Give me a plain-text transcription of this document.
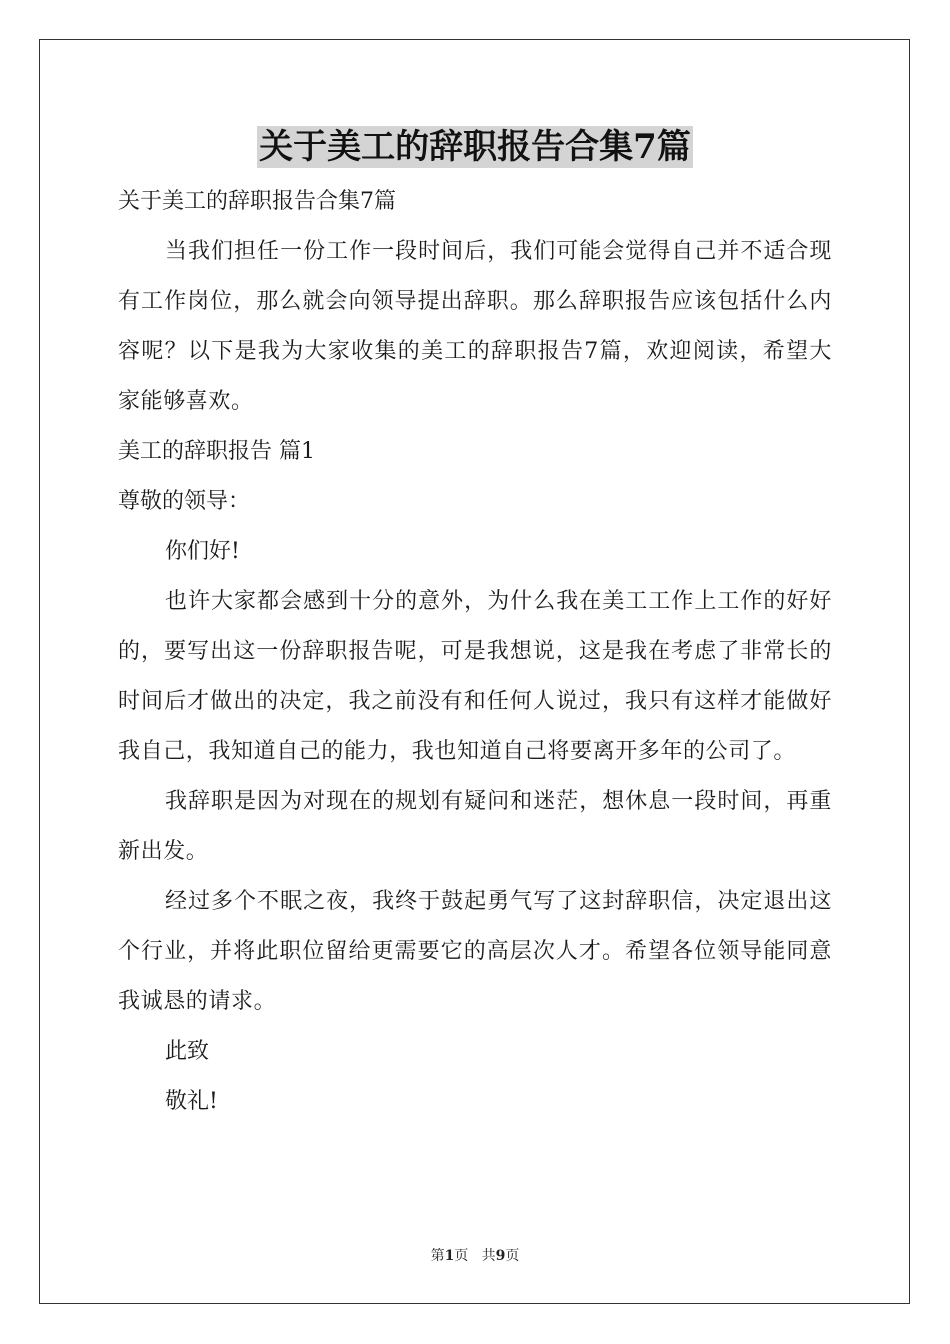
关于美工的辞职报告合集7篇

关于美工的辞职报告合集7篇

当我们担任一份工作一段时间后，我们可能会觉得自己并不适合现有工作岗位，那么就会向领导提出辞职。那么辞职报告应该包括什么内容呢？以下是我为大家收集的美工的辞职报告7篇，欢迎阅读，希望大家能够喜欢。

美工的辞职报告 篇1

尊敬的领导：

你们好!

也许大家都会感到十分的意外，为什么我在美工工作上工作的好好的，要写出这一份辞职报告呢，可是我想说，这是我在考虑了非常长的时间后才做出的决定，我之前没有和任何人说过，我只有这样才能做好我自己，我知道自己的能力，我也知道自己将要离开多年的公司了。

我辞职是因为对现在的规划有疑问和迷茫，想休息一段时间，再重新出发。

经过多个不眠之夜，我终于鼓起勇气写了这封辞职信，决定退出这个行业，并将此职位留给更需要它的高层次人才。希望各位领导能同意我诚恳的请求。

此致

敬礼!

第1页 共9页
